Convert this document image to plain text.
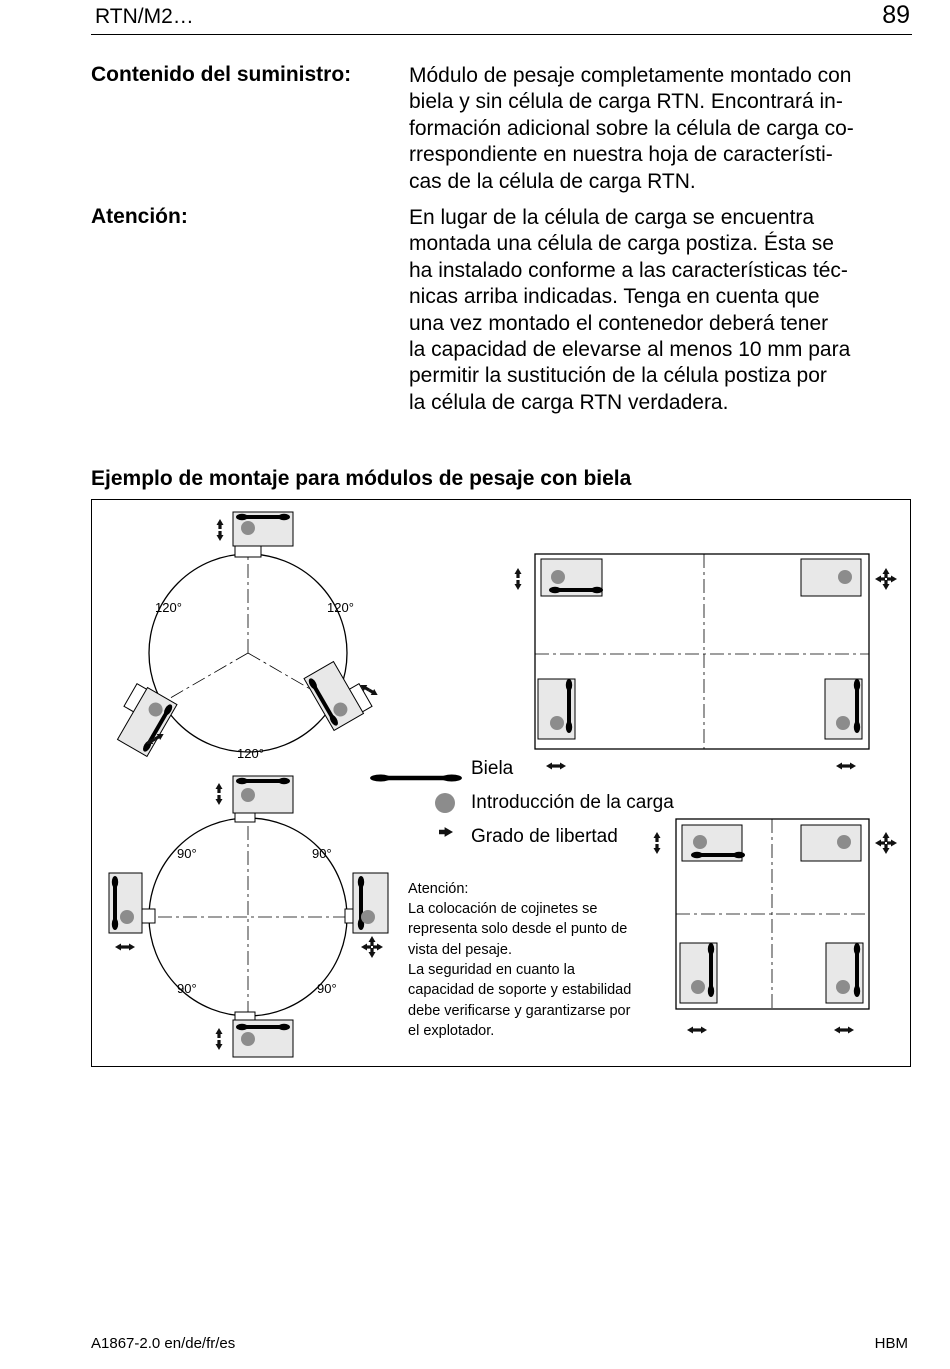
RTN/M2…	89
Contenido del suministro:	Módulo de pesaje completamente montado con
biela y sin célula de carga RTN. Encontrará in-
formación adicional sobre la célula de carga co-
rrespondiente en nuestra hoja de característi-
cas de la célula de carga RTN.
Atención:	En lugar de la célula de carga se encuentra
montada una célula de carga postiza. Ésta se
ha instalado conforme a las características téc-
nicas arriba indicadas. Tenga en cuenta que
una vez montado el contenedor deberá tener
la capacidad de elevarse al menos 10 mm para
permitir la sustitución de la célula postiza por
la célula de carga RTN verdadera.
Ejemplo de montaje para módulos de pesaje con biela
120°	120°
120°
90°	90°
90°	90°
Biela
Introducción de la carga
Grado de libertad
Atención:
La colocación de cojinetes se
representa solo desde el punto de
vista del pesaje.
La seguridad en cuanto la
capacidad de soporte y estabilidad
debe verificarse y garantizarse por
el explotador.
A1867-2.0 en/de/fr/es	HBM
